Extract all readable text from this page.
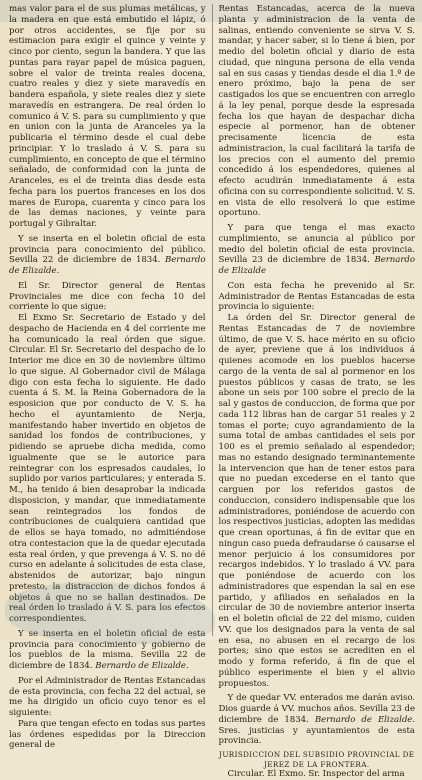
mas valor para el de sus plumas metálicas, y la madera en que está embutido el lápiz, ó por otros accidentes, se fije por su estimacion para exigir el quince y veinte y cinco por ciento, segun la bandera. Y que las puntas para rayar papel de música paguen, sobre el valor de treinta reales docena, cuatro reales y diez y siete maravedís en bandera española, y siete reales diez y siete maravedís en estrangera. De real órden lo comunico á V. S. para su cumplimiento y que en union con la junta de Aranceles ya la publicaria el término desde el cual debe principiar. Y lo traslado á V. S. para su cumplimiento, en concepto de que el término señalado, de conformidad con la junta de Aranceles, es el de treinta dias desde esta fecha para los puertos franceses en los dos mares de Europa, cuarenta y cinco para los de las demas naciones, y veinte para portugal y Gibraltar.

Y se inserta en el boletin oficial de esta provincia para conocimiento del público. Sevilla 22 de diciembre de 1834. Bernardo de Elizalde.

El Sr. Director general de Rentas Provinciales me dice con fecha 10 del corriente lo que sigue:

El Exmo Sr. Secretario de Estado y del despacho de Hacienda en 4 del corriente me ha comunicado la real órden que sigue. Circular. El Sr. Secretario del despacho de lo Interior me dice en 30 de noviembre último lo que sigue. Al Gobernador civil de Málaga digo con esta fecha lo siguiente. He dado cuenta á S. M. la Reina Gobernadora de la esposicion que por conducto de V. S. ha hecho el ayuntamiento de Nerja, manifestando haber invertido en objetos de sanidad los fondos de contribuciones, y pidiendo se apruebe dicha medida, como igualmente que se le autorice para reintegrar con los espresados caudales, lo suplido por varios particulares; y enterada S. M., ha tenido á bien desaprobar la indicada disposicion, y mandar, que inmediatamente sean reintegrados los fondos de contribuciones de cualquiera cantidad que de ellos se haya tomado, no admitiéndose otra contestacion que la de quedar ejecutada esta real órden, y que prevenga á V. S. no dé curso en adelante á solicitudes de esta clase, abstenidos de autorizar, bajo ningun pretesto, la distraccion de dichos fondos á objetos á que no se hallan destinados. De real órden lo traslado á V. S. para los efectos correspondientes.

Y se inserta en el boletin oficial de esta provincia para conocimiento y gobierno de los pueblos de la misma. Sevilla 22 de diciembre de 1834. Bernardo de Elizalde.

Por el Administrador de Rentas Estancadas de esta provincia, con fecha 22 del actual, se me ha dirigido un oficio cuyo tenor es el siguiente:

Para que tengan efecto en todas sus partes las órdenes espedidas por la Direccion general de

Rentas Estancadas, acerca de la nueva planta y administracion de la venta de salinas, entiendo conveniente se sirva V. S. mandar, y hacer saber, si lo tiene á bien, por medio del boletin oficial y diario de esta ciudad, que ninguna persona de ella venda sal en sus casas y tiendas desde el dia 1.º de enero próximo, bajo la pena de ser castigados los que se encuentren con arreglo á la ley penal, porque desde la espresada fecha los que hayan de despachar dicha especie al pormenor, han de obtener precisamente licencia de esta administracion, la cual facilitará la tarifa de los precios con el aumento del premio concedido á los espendedores, quienes al efecto acudirán inmediatamente á esta oficina con su correspondiente solicitud. V. S. en vista de ello resolverá lo que estime oportuno.

Y para que tenga el mas exacto cumplimiento, se anuncia al público por medio del boletin oficial de esta provincia. Sevilla 23 de diciembre de 1834. Bernardo de Elizalde

Con esta fecha he prevenido al Sr. Administrador de Rentas Estancadas de esta provincia lo siguiente:

La órden del Sr. Director general de Rentas Estancadas de 7 de noviembre último, de que V. S. hace mérito en su oficio de ayer, previene que á los individuos á quienes acomode en los pueblos hacerse cargo de la venta de sal al pormenor en los puestos públicos y casas de trato, se les abone un seis por 100 sobre el precio de la sal y gastos de conduccion, de forma que por cada 112 libras han de cargar 51 reales y 2 tomas el porte; cuyo agrandamiento de la suma total de ambas cantidades el seis por 100 es el premio señalado al espendedor; mas no estando designado terminantemente la intervencion que han de tener estos para que no puedan excederse en el tanto que carguen por los referidos gastos de conduccion, considero indispensable que los administradores, poniéndose de acuerdo con los respectivos justicias, adopten las medidas que crean oportunas, á fin de evitar que en ningun caso pueda defraudarse ó causarse el menor perjuicio á los consumidores por recargos indebidos. Y lo traslado á VV. para que poniéndose de acuerdo con los administradores que espendan la sal en ese partido, y afiliados en señalados en la circular de 30 de noviembre anterior inserta en el boletin oficial de 22 del mismo, cuiden VV. que los designados para la venta de sal en esa, no abusen en el recargo de los portes; sino que estos se acrediten en el modo y forma referido, á fin de que el público esperimente el bien y el alivio propuestos.

Y de quedar VV. enterados me darán aviso. Dios guarde á VV. muchos años. Sevilla 23 de diciembre de 1834. Bernardo de Elizalde. Sres. justicias y ayuntamientos de esta provincia.

JURISDICCION DEL SUBSIDIO PROVINCIAL DE JEREZ DE LA FRONTERA.

Circular. El Exmo. Sr. Inspector del arma
